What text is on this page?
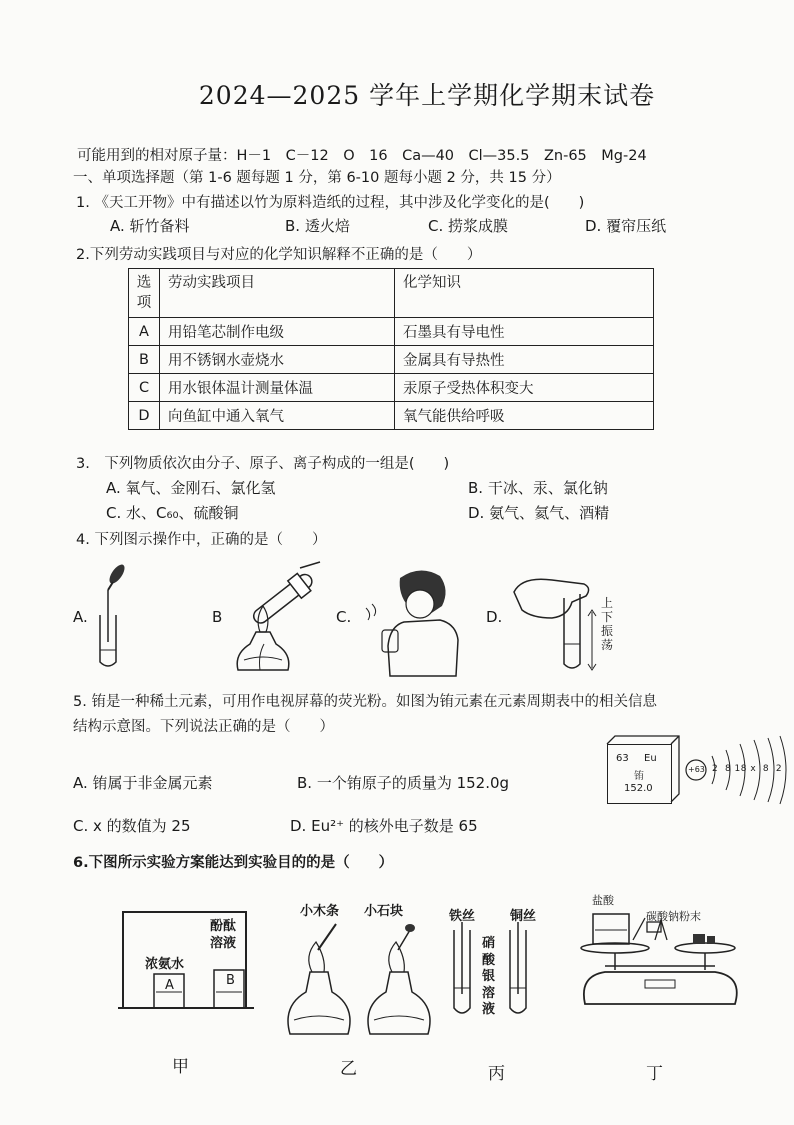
2024—2025 学年上学期化学期末试卷
可能用到的相对原子量：H－1　C－12　O　16　Ca—40　Cl—35.5　Zn-65　Mg-24
一、单项选择题（第 1-6 题每题 1 分，第 6-10 题每小题 2 分，共 15 分）
1. 《天工开物》中有描述以竹为原料造纸的过程，其中涉及化学变化的是(　　)
A. 斩竹备料	B. 透火焙	C. 捞浆成膜	D. 覆帘压纸
2.下列劳动实践项目与对应的化学知识解释不正确的是（　　）
选项	劳动实践项目	化学知识
A	用铅笔芯制作电级	石墨具有导电性
B	用不锈钢水壶烧水	金属具有导热性
C	用水银体温计测量体温	汞原子受热体积变大
D	向鱼缸中通入氧气	氧气能供给呼吸
3.　下列物质依次由分子、原子、离子构成的一组是(　　)
A. 氧气、金刚石、氯化氢	B. 干冰、汞、氯化钠
C. 水、C₆₀、硫酸铜	D. 氨气、氦气、酒精
4. 下列图示操作中，正确的是（　　）
A.	B	C.	D.
上
下
振
荡
5. 铕是一种稀土元素，可用作电视屏幕的荧光粉。如图为铕元素在元素周期表中的相关信息
结构示意图。下列说法正确的是（　　）
A. 铕属于非金属元素	B. 一个铕原子的质量为 152.0g
C. x 的数值为 25	D. Eu²⁺ 的核外电子数是 65
63 Eu
铕
152.0
+63 2  8 18 x  8  2
6.下图所示实验方案能达到实验目的的是（　　）
浓氨水
A	B
酚酞
溶液
小木条 小石块	铁丝	铜丝
硝
酸
银
溶
液
盐酸
碳酸钠粉末
甲	乙	丙	丁
